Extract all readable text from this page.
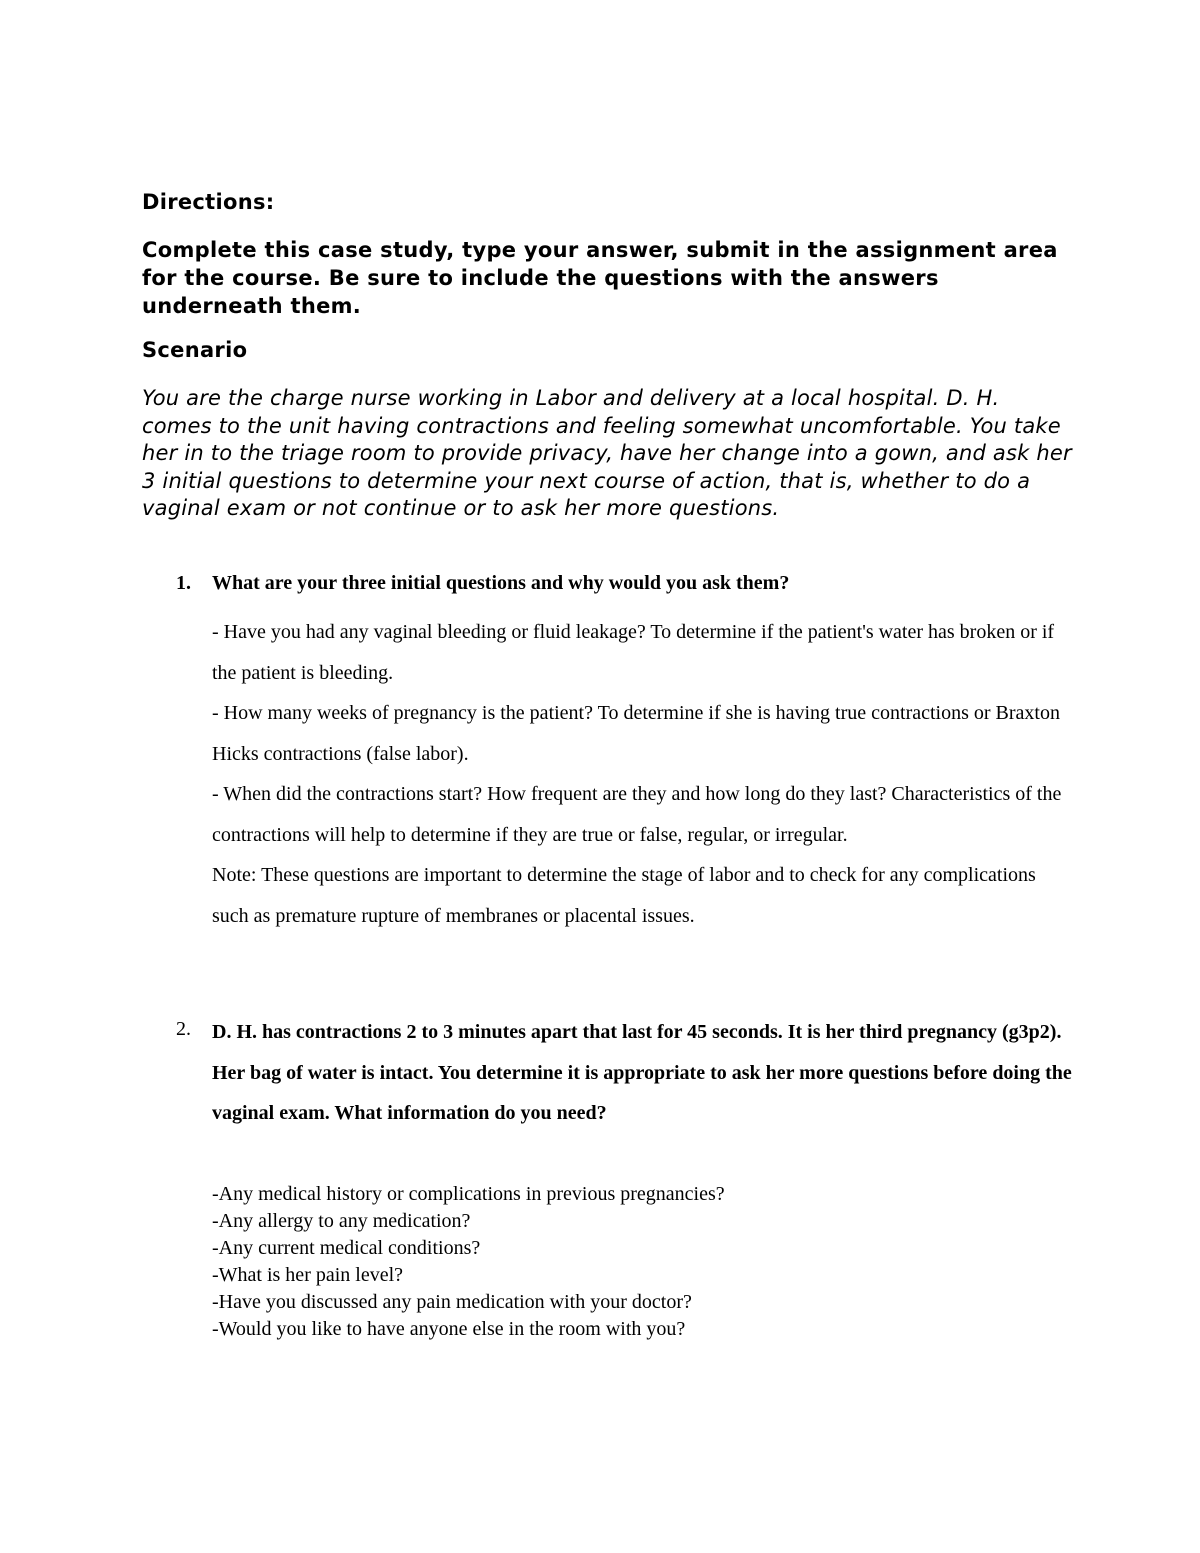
Directions:

Complete this case study, type your answer, submit in the assignment area for the course. Be sure to include the questions with the answers underneath them.

Scenario

You are the charge nurse working in Labor and delivery at a local hospital. D. H. comes to the unit having contractions and feeling somewhat uncomfortable. You take her in to the triage room to provide privacy, have her change into a gown, and ask her 3 initial questions to determine your next course of action, that is, whether to do a vaginal exam or not continue or to ask her more questions.

1. What are your three initial questions and why would you ask them?

- Have you had any vaginal bleeding or fluid leakage? To determine if the patient's water has broken or if the patient is bleeding.
- How many weeks of pregnancy is the patient? To determine if she is having true contractions or Braxton Hicks contractions (false labor).
- When did the contractions start? How frequent are they and how long do they last? Characteristics of the contractions will help to determine if they are true or false, regular, or irregular.
Note: These questions are important to determine the stage of labor and to check for any complications such as premature rupture of membranes or placental issues.

2. D. H. has contractions 2 to 3 minutes apart that last for 45 seconds. It is her third pregnancy (g3p2). Her bag of water is intact. You determine it is appropriate to ask her more questions before doing the vaginal exam. What information do you need?

-Any medical history or complications in previous pregnancies?
-Any allergy to any medication?
-Any current medical conditions?
-What is her pain level?
-Have you discussed any pain medication with your doctor?
-Would you like to have anyone else in the room with you?
